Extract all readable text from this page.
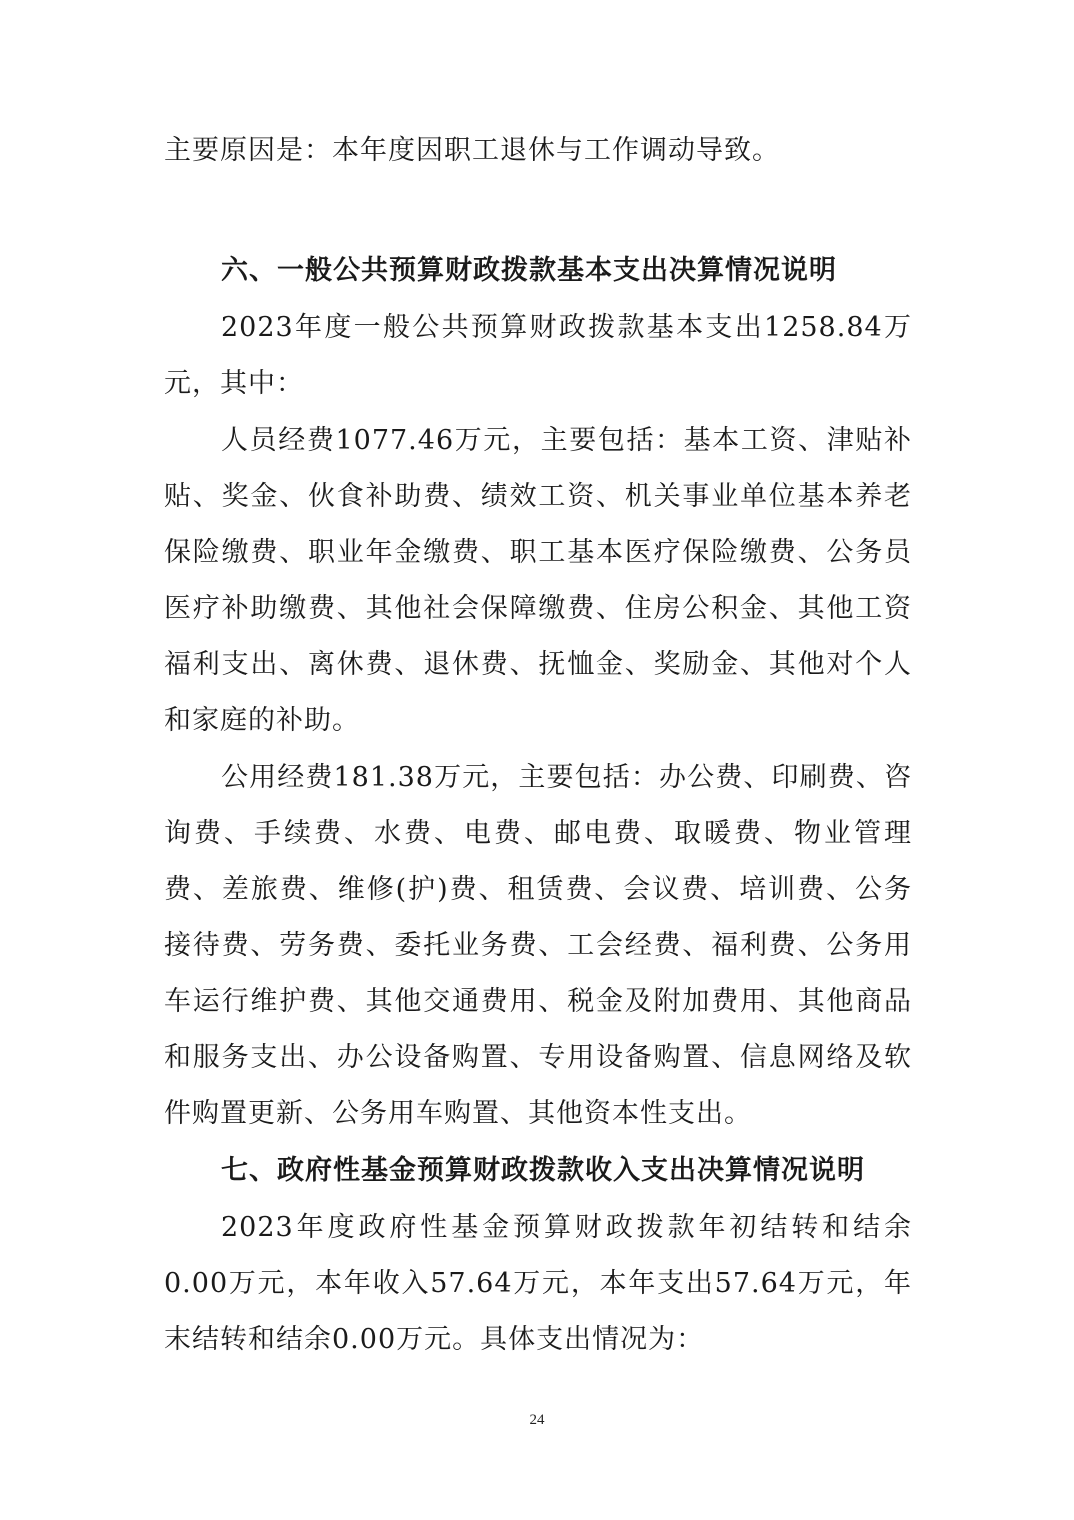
主要原因是：本年度因职工退休与工作调动导致。

六、一般公共预算财政拨款基本支出决算情况说明

2023年度一般公共预算财政拨款基本支出1258.84万元，其中：

人员经费1077.46万元，主要包括：基本工资、津贴补贴、奖金、伙食补助费、绩效工资、机关事业单位基本养老保险缴费、职业年金缴费、职工基本医疗保险缴费、公务员医疗补助缴费、其他社会保障缴费、住房公积金、其他工资福利支出、离休费、退休费、抚恤金、奖励金、其他对个人和家庭的补助。

公用经费181.38万元，主要包括：办公费、印刷费、咨询费、手续费、水费、电费、邮电费、取暖费、物业管理费、差旅费、维修(护)费、租赁费、会议费、培训费、公务接待费、劳务费、委托业务费、工会经费、福利费、公务用车运行维护费、其他交通费用、税金及附加费用、其他商品和服务支出、办公设备购置、专用设备购置、信息网络及软件购置更新、公务用车购置、其他资本性支出。

七、政府性基金预算财政拨款收入支出决算情况说明

2023年度政府性基金预算财政拨款年初结转和结余0.00万元，本年收入57.64万元，本年支出57.64万元，年末结转和结余0.00万元。具体支出情况为：

24
